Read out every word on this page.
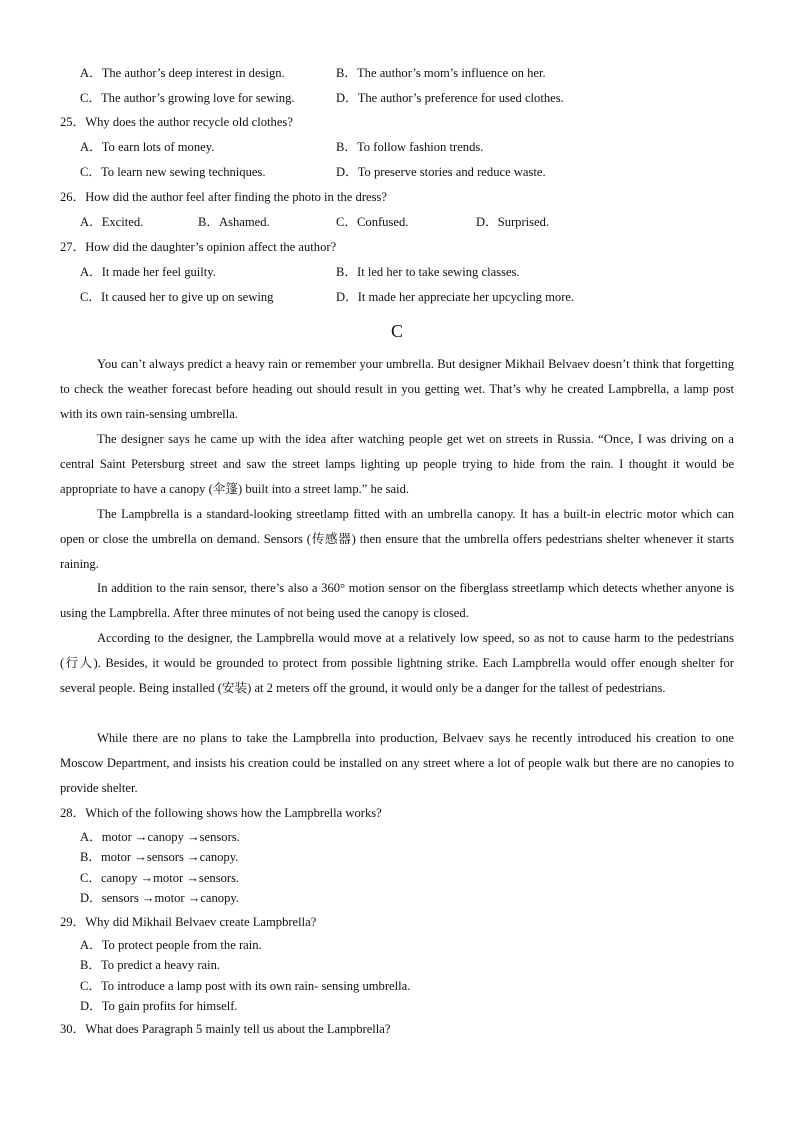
A．The author’s deep interest in design.	B．The author’s mom’s influence on her.
C．The author’s growing love for sewing.	D．The author’s preference for used clothes.
25．Why does the author recycle old clothes?
A．To earn lots of money.	B．To follow fashion trends.
C．To learn new sewing techniques.	D．To preserve stories and reduce waste.
26．How did the author feel after finding the photo in the dress?
A．Excited.	B．Ashamed.	C．Confused.	D．Surprised.
27．How did the daughter’s opinion affect the author?
A．It made her feel guilty.	B．It led her to take sewing classes.
C．It caused her to give up on sewing	D．It made her appreciate her upcycling more.
C
You can’t always predict a heavy rain or remember your umbrella. But designer Mikhail Belvaev doesn’t think that forgetting to check the weather forecast before heading out should result in you getting wet. That’s why he created Lampbrella, a lamp post with its own rain-sensing umbrella.
The designer says he came up with the idea after watching people get wet on streets in Russia. “Once, I was driving on a central Saint Petersburg street and saw the street lamps lighting up people trying to hide from the rain. I thought it would be appropriate to have a canopy (伞篷) built into a street lamp.” he said.
The Lampbrella is a standard-looking streetlamp fitted with an umbrella canopy. It has a built-in electric motor which can open or close the umbrella on demand. Sensors (传感器) then ensure that the umbrella offers pedestrians shelter whenever it starts raining.
In addition to the rain sensor, there’s also a 360° motion sensor on the fiberglass streetlamp which detects whether anyone is using the Lampbrella. After three minutes of not being used the canopy is closed.
According to the designer, the Lampbrella would move at a relatively low speed, so as not to cause harm to the pedestrians (行人). Besides, it would be grounded to protect from possible lightning strike. Each Lampbrella would offer enough shelter for several people. Being installed (安装) at 2 meters off the ground, it would only be a danger for the tallest of pedestrians.
While there are no plans to take the Lampbrella into production, Belvaev says he recently introduced his creation to one Moscow Department, and insists his creation could be installed on any street where a lot of people walk but there are no canopies to provide shelter.
28．Which of the following shows how the Lampbrella works?
A．motor →canopy →sensors.
B．motor →sensors →canopy.
C．canopy →motor →sensors.
D．sensors →motor →canopy.
29．Why did Mikhail Belvaev create Lampbrella?
A．To protect people from the rain.
B．To predict a heavy rain.
C．To introduce a lamp post with its own rain- sensing umbrella.
D．To gain profits for himself.
30．What does Paragraph 5 mainly tell us about the Lampbrella?
